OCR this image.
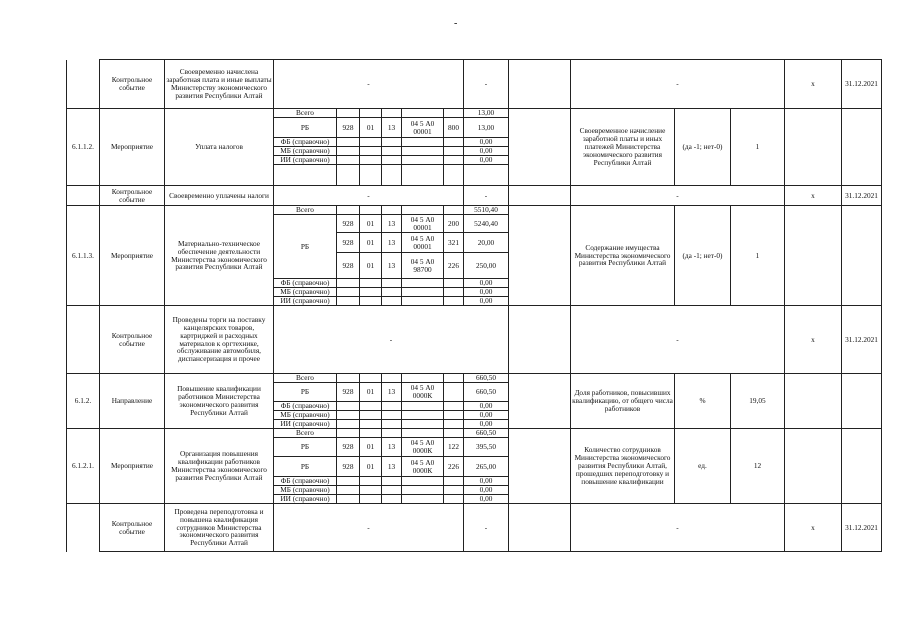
-
	Контрольное событие	Своевременно начислена заработная плата и иные выплаты Министерству экономического развития Республики Алтай	-						-		-			x	31.12.2021
6.1.1.2.	Мероприятие	Уплата налогов	Всего						13,00		Своевременное начисление заработной платы и иных платежей Министерства экономического развития Республики Алтай	(да -1; нет-0)	1		
			РБ	928	01	13	04 5 А0 00001	800	13,00						
			ФБ (справочно)						0,00						
			МБ (справочно)						0,00						
			ИИ (справочно)						0,00						

	Контрольное событие	Своевременно уплачены налоги	-						-		-			x	31.12.2021
6.1.1.3.	Мероприятие	Материально-техническое обеспечение деятельности Министерства экономического развития Республики Алтай	Всего						5510,40		Содержание имущества Министерства экономического развития Республики Алтай	(да -1; нет-0)	1		
			РБ	928	01	13	04 5 А0 00001	200	5240,40						
				928	01	13	04 5 А0 00001	321	20,00						
				928	01	13	04 5 А0 98700	226	250,00						
			ФБ (справочно)						0,00						
			МБ (справочно)						0,00						
			ИИ (справочно)						0,00						
	Контрольное событие	Проведены торги на поставку канцелярских товаров, картриджей и расходных материалов к оргтехнике, обслуживание автомобиля, диспансеризация и прочее	-								-			x	31.12.2021
6.1.2.	Направление	Повышение квалификации работников Министерства экономического развития Республики Алтай	Всего						660,50		Доля работников, повысивших квалификацию, от общего числа работников	%	19,05		
			РБ	928	01	13	04 5 А0 0000К		660,50						
			ФБ (справочно)						0,00						
			МБ (справочно)						0,00						
			ИИ (справочно)						0,00						
6.1.2.1.	Мероприятие	Организация повышения квалификации работников Министерства экономического развития Республики Алтай	Всего						660,50		Количество сотрудников Министерства экономического развития Республики Алтай, прошедших переподготовку и повышение квалификации	ед.	12		
			РБ	928	01	13	04 5 А0 0000К	122	395,50						
			РБ	928	01	13	04 5 А0 0000К	226	265,00						
			ФБ (справочно)						0,00						
			МБ (справочно)						0,00						
			ИИ (справочно)						0,00						
	Контрольное событие	Проведена переподготовка и повышена квалификация сотрудников Министерства экономического развития Республики Алтай	-						-		-			x	31.12.2021
